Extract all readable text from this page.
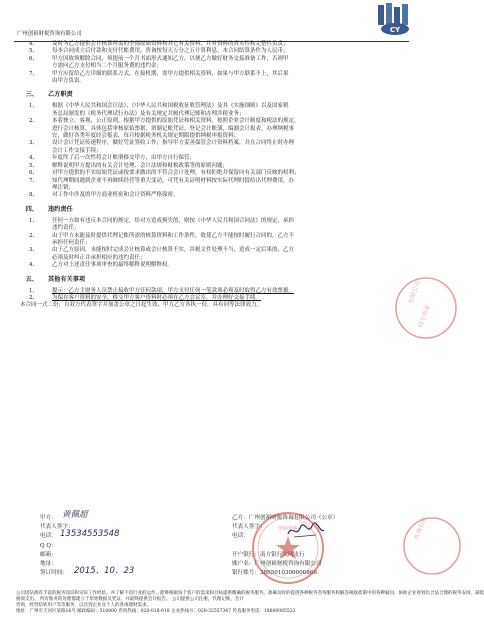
广州创裕财税咨询有限公司	CY
4、	及时为乙方提供会计核算所需的全部原始资料和其它有关资料，并对资料的真实性和完整性负责；
5、	每本合同成立后付款和支付代账费用。咨询按每天万分之五计算利息，本合同结算条件为人民币；
6、	甲方因故须解除合同，须提前一个月书面形式通知乙方，以便乙方做好财务交接准备工作，否则甲
方需向乙方支付相当二个月服务费的违约金；
7、	甲方应留给乙方详细的联系方式，在接机期，需甲方提供相关资料，如果与甲方联系不上，其后果
由甲方负责。
三、	乙方职责
1、	根据《中华人民共和国会计法》、《中华人民共和国税收征收管理法》及其《实施细则》以及国家税
务总局颁发的《税务代理试行办法》及有关规定并履代理记账和办理涉税业务；
2、	本着独立、客观、公正原则，根据甲方提供的原始凭证和相关资料，按照企业会计制度和税法的规定，
进行会计核算。具体包括审核原始票据，填制记账凭证，登记会计账簿，编制会计报表，办理纳税事
宜，做好各类年度经会报表，每月根据税务机关规定期限提供纳税申报资料；
3、	设计会计凭证传递程序，做好凭证签收工作；指导甲方妥善保管会计资料档案，并在合同终止时办理
会计工作交接手续；
4、	年度终了后一次性将会计账册移交甲方，由甲方自行保管；
5、	解释说明甲方提出的有关会计处理、会计法规和财税政策等的原则问题；
6、	对甲方提供的不实原始凭证或按要求做出的不符合会计处理，有权拒绝并保留向有关部门反映的权利；
7、	知代理期间遇到企业不再继续经营等重大变动，可凭有关证明材料按实际代理时段给出代理费用，办
理注销；
8、	对工作中涉及的甲方商业机密和会计资料严格保密。
四、	违约责任
1、	任何一方如有违反本合同的规定，给对方造成损失的，则按《中华人民共和国合同法》的规定，承担
违约责任；
2、	由于甲方未能及时提供代理记账所需的核算资料和工作条件，致使乙方不能按时履行合同的，乙方不
承担任何责任；
3、	由于乙方原因，未能按时完成会计核算或会计核算不实，涉税文件处理不当，造成一定后果的，乙方
必须及时纠正并承担相应的违约责任；
4、	乙方对上述责任事项审查的最终解释说明解释权。
五、	其他有关事项
1、	提示：乙方主财务人员禁止接收甲方任何款项，甲方支付任何一笔款项必须及时取得乙方有效票据。
2、	为保存客户资料的安全，移交甲方客户资料时必须在乙方会议室，并办理好交接手续。
本合同一式二份，自双方代表签字并加盖公章之日起生效，甲方乙方各执一份，具有同等法律效力。
甲方： 黄佩超
代表人签字：
电话： 13534553548
Q Q：
邮箱：
地址：
签订时间： 2015、10、23
乙方：广州创裕财税咨询有限公司（公章）
代表人签字：
电话：
开户银行：南方银行大同支行
账户名：广州创裕财税咨询有限公司
银行账号：3865010300000866
创裕财税
有限公司
同专用章
咨询有限
公司团队拥有丰富的税务知识和实际工作经验，并了解不同行业的运作，能够根据每个客户的需求和目标提供精确的税务服务。准确及时的提供各种税务咨询服务和解答税收政策中的各种疑问，协助企业规划出合法合理的税务安排，减低
税项支出。 所有账务的处理都建立于原始数据及凭证，并最终提供会计报告。 公司提供公司注册，代理记账，会计
咨询，经营结转用户等等服务，以达到企业及个人的各项理财需求。
地址：广州市天河区某路16号 邮政编码：510000 咨询热线：020-018-018 企业热线号：020-32557347 传真服务电话：18600085533
